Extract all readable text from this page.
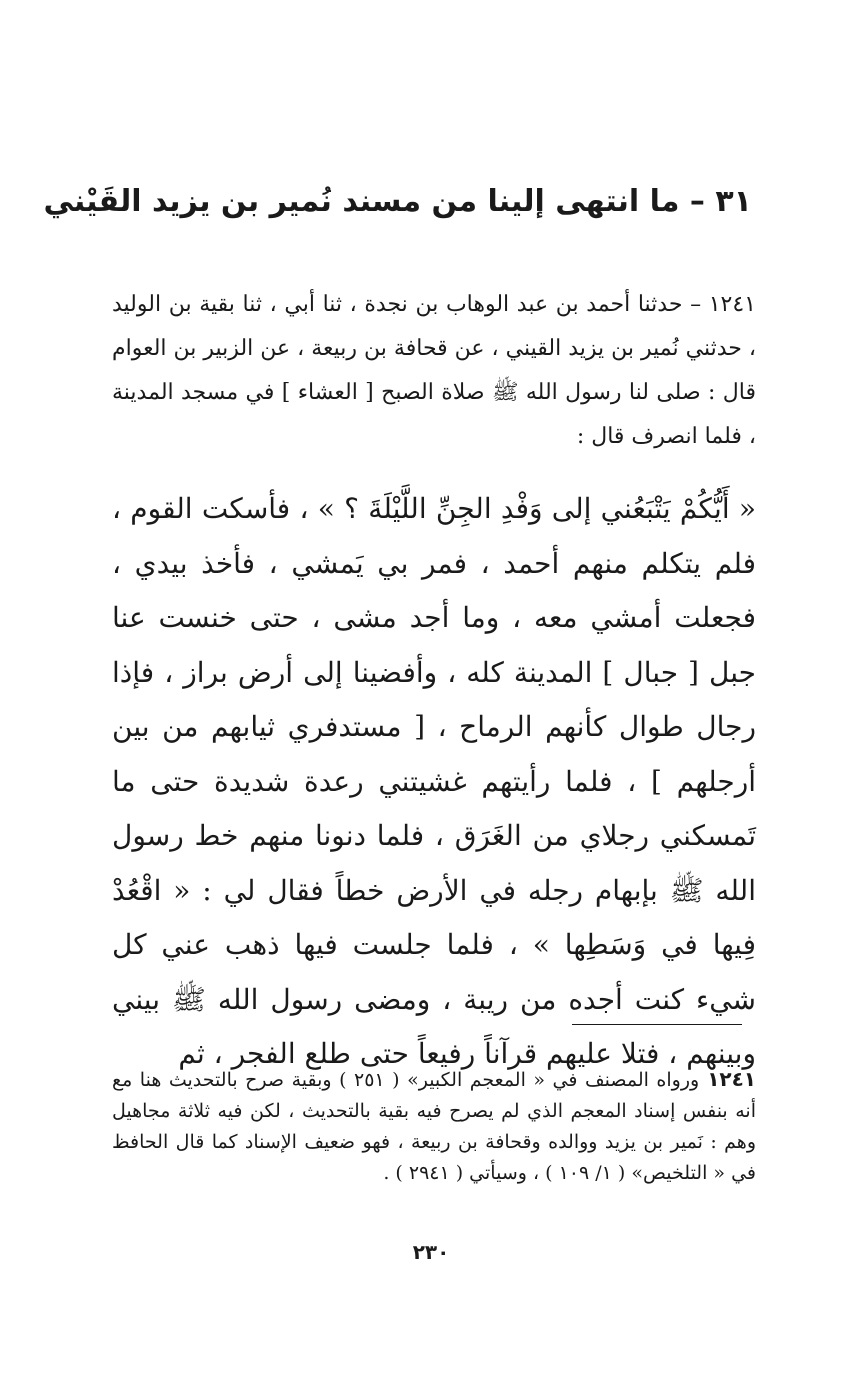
٣١ – ما انتهى إلينا من مسند نُمير بن يزيد القَيْني

١٢٤١ – حدثنا أحمد بن عبد الوهاب بن نجدة ، ثنا أبي ، ثنا بقية بن الوليد ، حدثني نُمير بن يزيد القيني ، عن قحافة بن ربيعة ، عن الزبير بن العوام قال : صلى لنا رسول الله ﷺ صلاة الصبح [ العشاء ] في مسجد المدينة ، فلما انصرف قال :

« أَيُّكُمْ يَتْبَعُني إلى وَفْدِ الجِنِّ اللَّيْلَةَ ؟ » ، فأسكت القوم ، فلم يتكلم منهم أحمد ، فمر بي يَمشي ، فأخذ بيدي ، فجعلت أمشي معه ، وما أجد مشى ، حتى خنست عنا جبل [ جبال ] المدينة كله ، وأفضينا إلى أرض براز ، فإذا رجال طوال كأنهم الرماح ، [ مستدفري ثيابهم من بين أرجلهم ] ، فلما رأيتهم غشيتني رعدة شديدة حتى ما تَمسكني رجلاي من الغَرَق ، فلما دنونا منهم خط رسول الله ﷺ بإبهام رجله في الأرض خطاً فقال لي : « اقْعُدْ فِيها في وَسَطِها » ، فلما جلست فيها ذهب عني كل شيء كنت أجده من ريبة ، ومضى رسول الله ﷺ بيني وبينهم ، فتلا عليهم قرآناً رفيعاً حتى طلع الفجر ، ثم

١٢٤١ورواه المصنف في « المعجم الكبير» ( ٢٥١ ) وبقية صرح بالتحديث هنا مع أنه بنفس إسناد المعجم الذي لم يصرح فيه بقية بالتحديث ، لكن فيه ثلاثة مجاهيل وهم : نَمير بن يزيد ووالده وقحافة بن ربيعة ، فهو ضعيف الإسناد كما قال الحافظ في « التلخيص» ( ١/ ١٠٩ ) ، وسيأتي ( ٢٩٤١ ) .

٢٣٠
